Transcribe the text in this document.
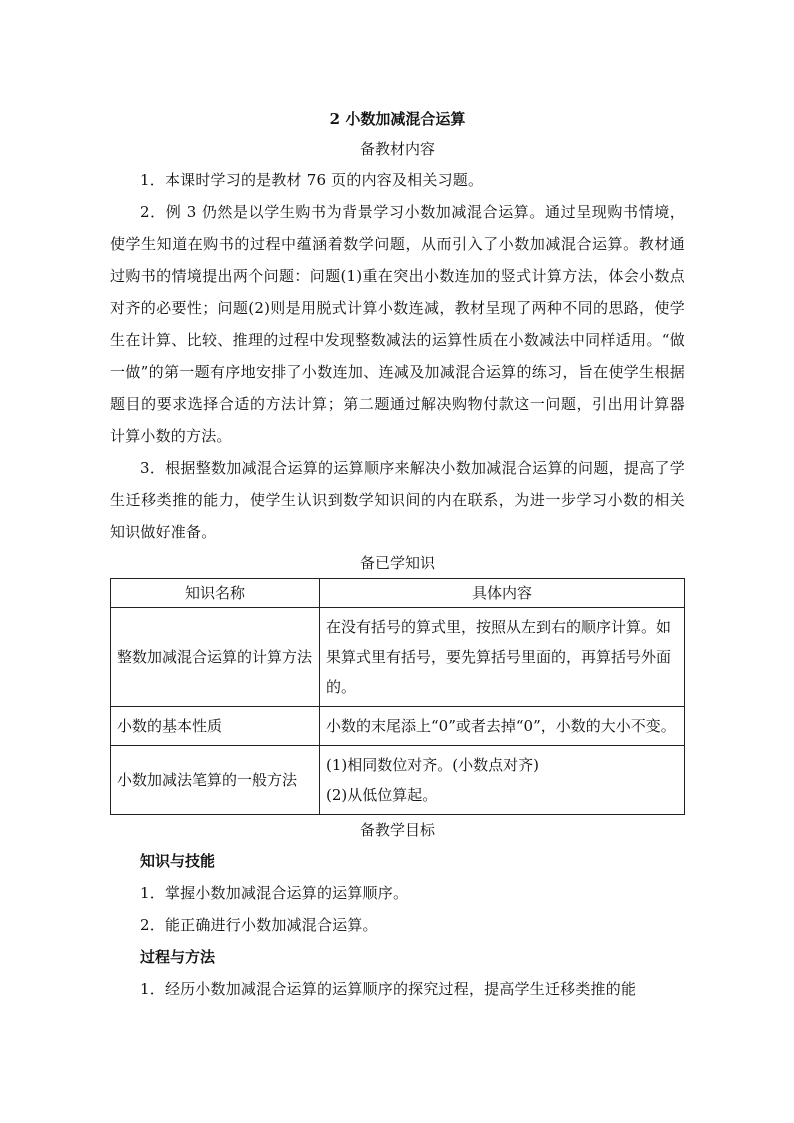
2 小数加减混合运算
备教材内容

1．本课时学习的是教材 76 页的内容及相关习题。

2．例 3 仍然是以学生购书为背景学习小数加减混合运算。通过呈现购书情境，使学生知道在购书的过程中蕴涵着数学问题，从而引入了小数加减混合运算。教材通过购书的情境提出两个问题：问题(1)重在突出小数连加的竖式计算方法，体会小数点对齐的必要性；问题(2)则是用脱式计算小数连减，教材呈现了两种不同的思路，使学生在计算、比较、推理的过程中发现整数减法的运算性质在小数减法中同样适用。“做一做”的第一题有序地安排了小数连加、连减及加减混合运算的练习，旨在使学生根据题目的要求选择合适的方法计算；第二题通过解决购物付款这一问题，引出用计算器计算小数的方法。

3．根据整数加减混合运算的运算顺序来解决小数加减混合运算的问题，提高了学生迁移类推的能力，使学生认识到数学知识间的内在联系，为进一步学习小数的相关知识做好准备。

备已学知识
知识名称	具体内容
整数加减混合运算的计算方法	在没有括号的算式里，按照从左到右的顺序计算。如果算式里有括号，要先算括号里面的，再算括号外面的。

小数的基本性质	小数的末尾添上“0”或者去掉“0”，小数的大小不变。

小数加减法笔算的一般方法	(1)相同数位对齐。(小数点对齐)
(2)从低位算起。
备教学目标
知识与技能

1．掌握小数加减混合运算的运算顺序。

2．能正确进行小数加减混合运算。

过程与方法

1．经历小数加减混合运算的运算顺序的探究过程，提高学生迁移类推的能
